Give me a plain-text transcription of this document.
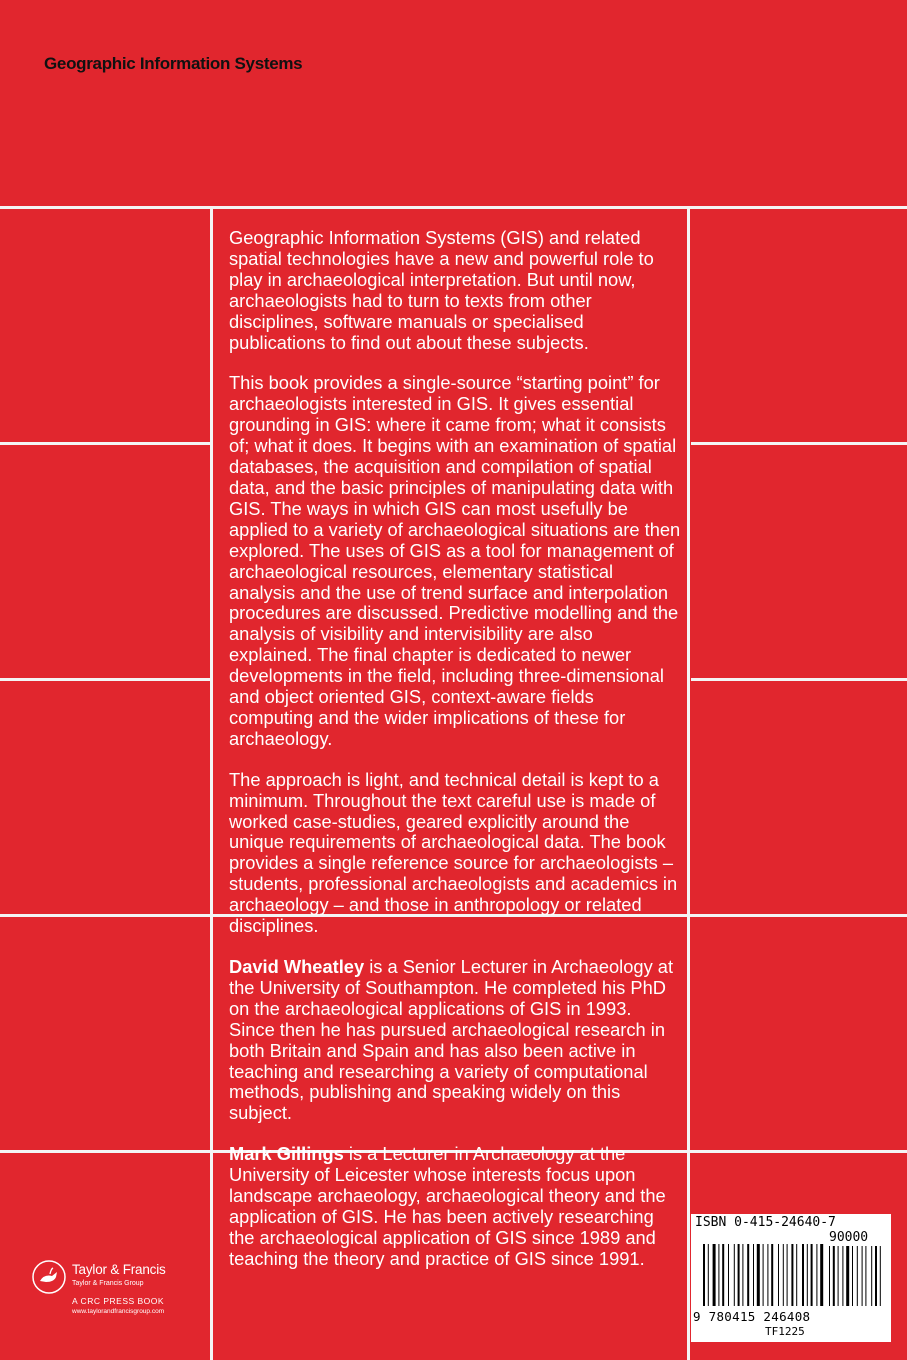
Geographic Information Systems

Geographic Information Systems (GIS) and related spatial technologies have a new and powerful role to play in archaeological interpretation. But until now, archaeologists had to turn to texts from other disciplines, software manuals or specialised publications to find out about these subjects.

This book provides a single-source “starting point” for archaeologists interested in GIS. It gives essential grounding in GIS: where it came from; what it consists of; what it does. It begins with an examination of spatial databases, the acquisition and compilation of spatial data, and the basic principles of manipulating data with GIS. The ways in which GIS can most usefully be applied to a variety of archaeological situations are then explored. The uses of GIS as a tool for management of archaeological resources, elementary statistical analysis and the use of trend surface and interpolation procedures are discussed. Predictive modelling and the analysis of visibility and intervisibility are also explained. The final chapter is dedicated to newer developments in the field, including three-dimensional and object oriented GIS, context-aware fields computing and the wider implications of these for archaeology.

The approach is light, and technical detail is kept to a minimum. Throughout the text careful use is made of worked case-studies, geared explicitly around the unique requirements of archaeological data. The book provides a single reference source for archaeologists – students, professional archaeologists and academics in archaeology – and those in anthropology or related disciplines.

David Wheatley is a Senior Lecturer in Archaeology at the University of Southampton. He completed his PhD on the archaeological applications of GIS in 1993. Since then he has pursued archaeological research in both Britain and Spain and has also been active in teaching and researching a variety of computational methods, publishing and speaking widely on this subject.

Mark Gillings is a Lecturer in Archaeology at the University of Leicester whose interests focus upon landscape archaeology, archaeological theory and the application of GIS. He has been actively researching the archaeological application of GIS since 1989 and teaching the theory and practice of GIS since 1991.

Taylor & Francis
Taylor & Francis Group
A CRC PRESS BOOK
www.taylorandfrancisgroup.com
ISBN 0-415-24640-7
90000
9 780415 246408
TF1225
